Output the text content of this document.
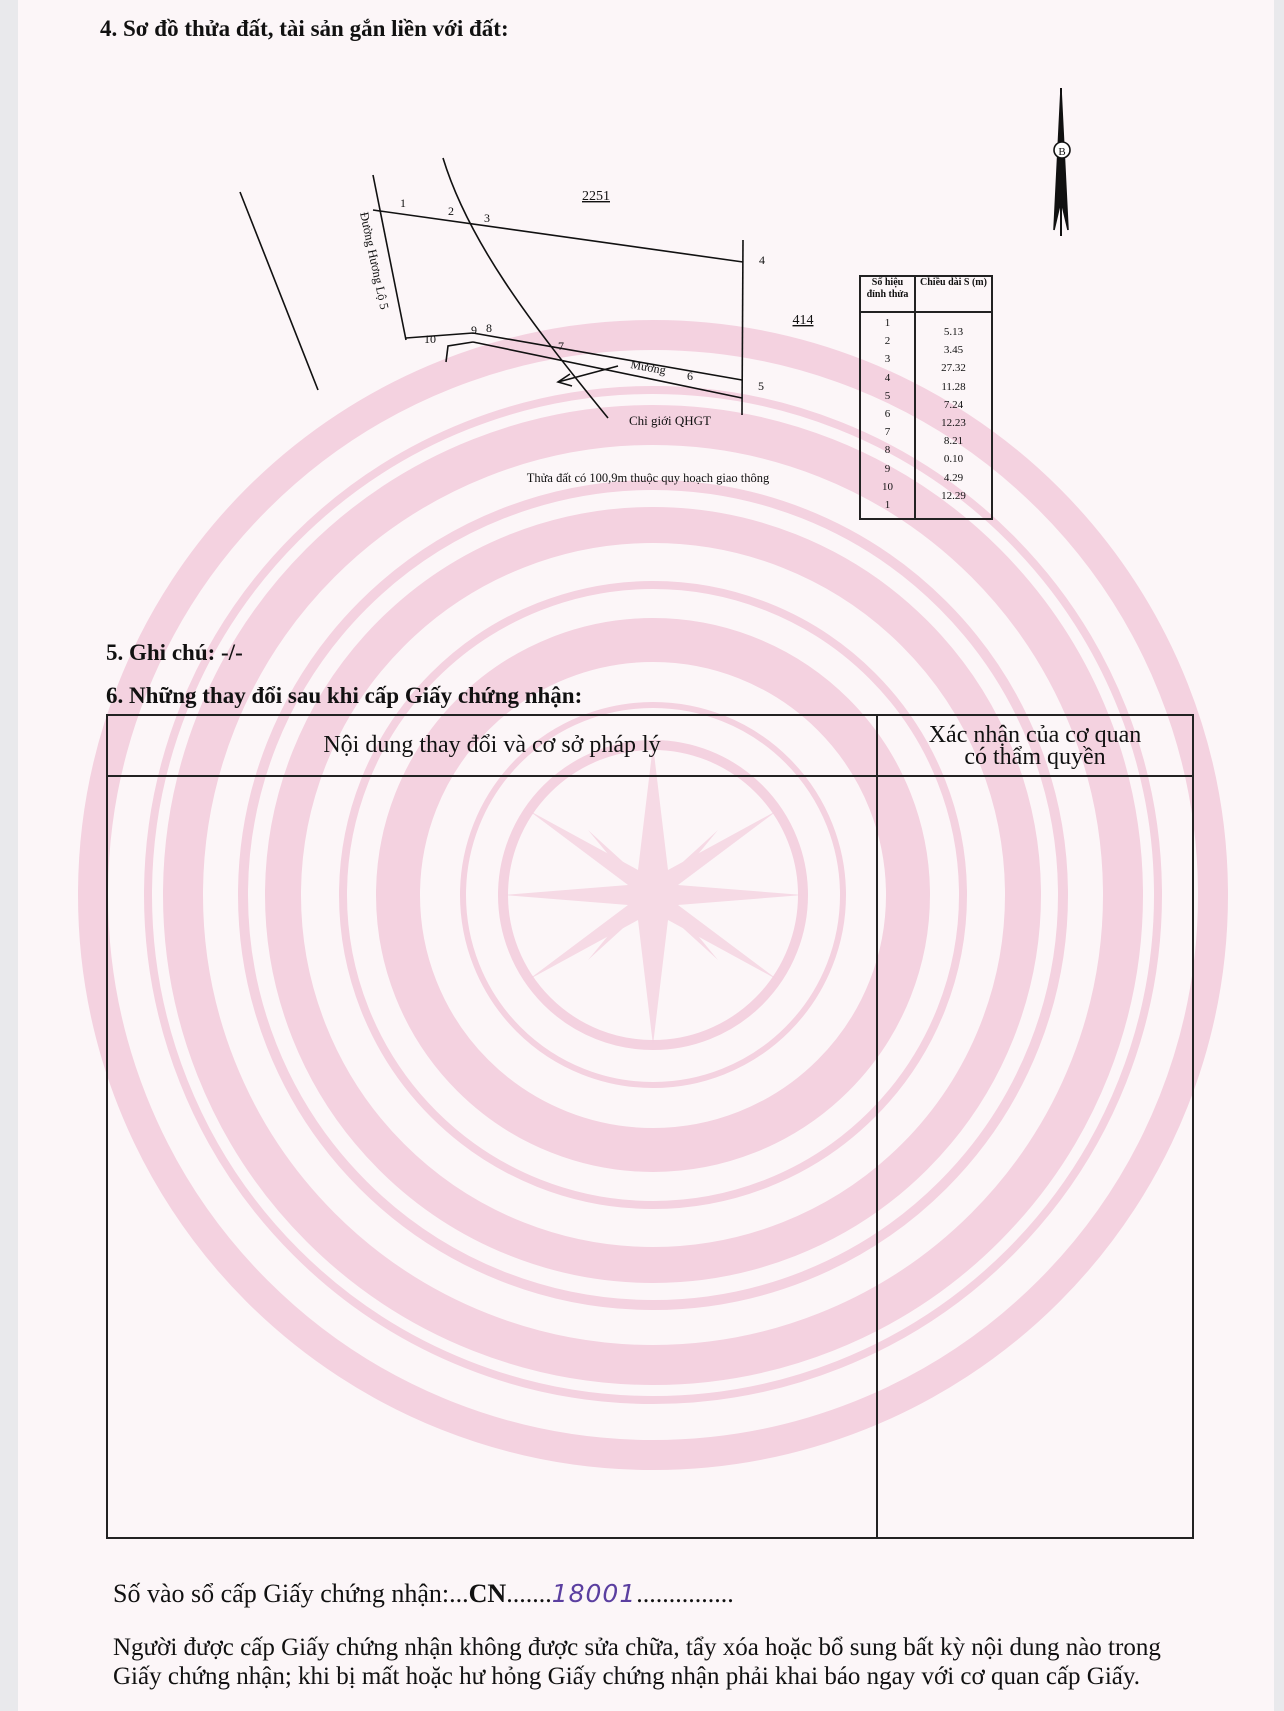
4. Sơ đồ thửa đất, tài sản gắn liền với đất:
B
2251
414
Đường Hương Lộ 5
Mương
Chỉ giới QHGT
Thửa đất có 100,9m thuộc quy hoạch giao thông
1
2	3
4
5
6
7
8
9
10
Số hiệu đỉnh thửa
Chiều dài S (m)
1
2
3
4
5
6
7
8
9
10
1
5.13
3.45
27.32
11.28
7.24
12.23
8.21
0.10
4.29
12.29
5. Ghi chú: -/-
6. Những thay đổi sau khi cấp Giấy chứng nhận:
Nội dung thay đổi và cơ sở pháp lý	Xác nhận của cơ quan
có thẩm quyền
Số vào sổ cấp Giấy chứng nhận:...CN.......18001...............
Người được cấp Giấy chứng nhận không được sửa chữa, tẩy xóa hoặc bổ sung bất kỳ nội dung nào trong
Giấy chứng nhận; khi bị mất hoặc hư hỏng Giấy chứng nhận phải khai báo ngay với cơ quan cấp Giấy.
